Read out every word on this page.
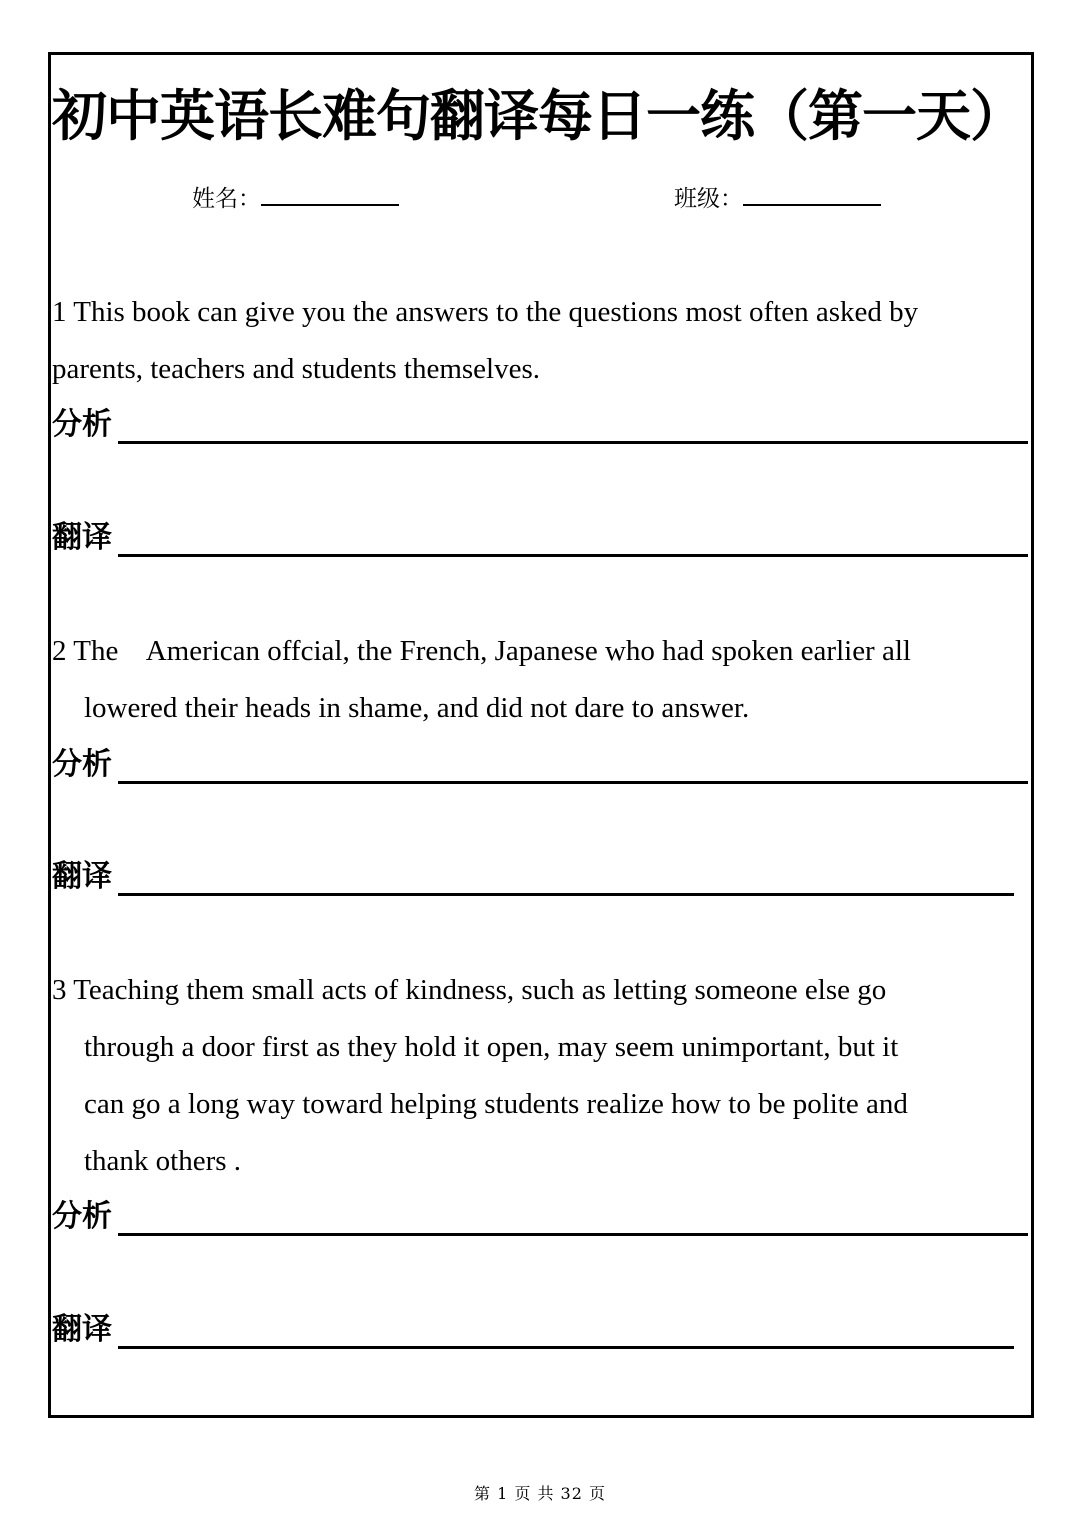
初中英语长难句翻译每日一练（第一天）
姓名：	班级：

1 This book can give you the answers to the questions most often asked by

parents, teachers and students themselves.

分析
翻译

2 The    American offcial, the French, Japanese who had spoken earlier all

lowered their heads in shame, and did not dare to answer.

分析
翻译

3 Teaching them small acts of kindness, such as letting someone else go

through a door first as they hold it open, may seem unimportant, but it

can go a long way toward helping students realize how to be polite and

thank others .

分析
翻译
第 1 页 共 32 页
